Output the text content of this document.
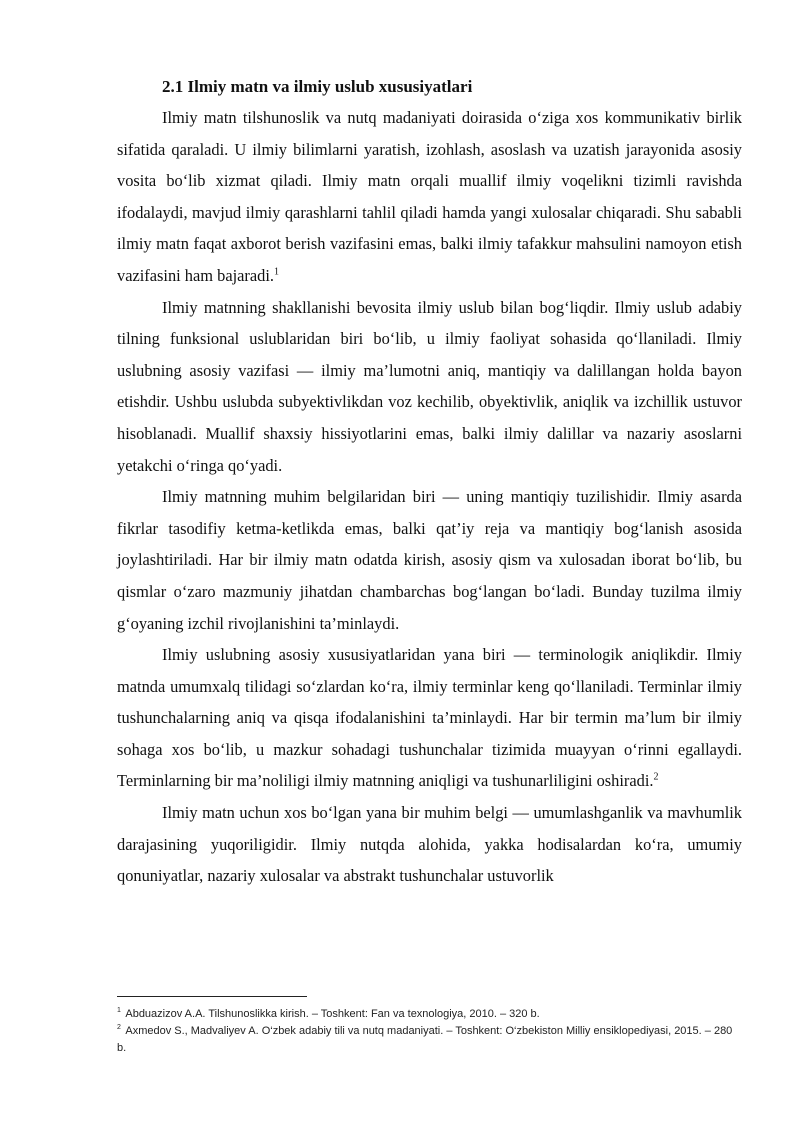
2.1 Ilmiy matn va ilmiy uslub xususiyatlari

Ilmiy matn tilshunoslik va nutq madaniyati doirasida o‘ziga xos kommunikativ birlik sifatida qaraladi. U ilmiy bilimlarni yaratish, izohlash, asoslash va uzatish jarayonida asosiy vosita bo‘lib xizmat qiladi. Ilmiy matn orqali muallif ilmiy voqelikni tizimli ravishda ifodalaydi, mavjud ilmiy qarashlarni tahlil qiladi hamda yangi xulosalar chiqaradi. Shu sababli ilmiy matn faqat axborot berish vazifasini emas, balki ilmiy tafakkur mahsulini namoyon etish vazifasini ham bajaradi.$^1$

Ilmiy matnning shakllanishi bevosita ilmiy uslub bilan bog‘liqdir. Ilmiy uslub adabiy tilning funksional uslublaridan biri bo‘lib, u ilmiy faoliyat sohasida qo‘llaniladi. Ilmiy uslubning asosiy vazifasi — ilmiy ma’lumotni aniq, mantiqiy va dalillangan holda bayon etishdir. Ushbu uslubda subyektivlikdan voz kechilib, obyektivlik, aniqlik va izchillik ustuvor hisoblanadi. Muallif shaxsiy hissiyotlarini emas, balki ilmiy dalillar va nazariy asoslarni yetakchi o‘ringa qo‘yadi.

Ilmiy matnning muhim belgilaridan biri — uning mantiqiy tuzilishidir. Ilmiy asarda fikrlar tasodifiy ketma-ketlikda emas, balki qat’iy reja va mantiqiy bog‘lanish asosida joylashtiriladi. Har bir ilmiy matn odatda kirish, asosiy qism va xulosadan iborat bo‘lib, bu qismlar o‘zaro mazmuniy jihatdan chambarchas bog‘langan bo‘ladi. Bunday tuzilma ilmiy g‘oyaning izchil rivojlanishini ta’minlaydi.

Ilmiy uslubning asosiy xususiyatlaridan yana biri — terminologik aniqlikdir. Ilmiy matnda umumxalq tilidagi so‘zlardan ko‘ra, ilmiy terminlar keng qo‘llaniladi. Terminlar ilmiy tushunchalarning aniq va qisqa ifodalanishini ta’minlaydi. Har bir termin ma’lum bir ilmiy sohaga xos bo‘lib, u mazkur sohadagi tushunchalar tizimida muayyan o‘rinni egallaydi. Terminlarning bir ma’noliligi ilmiy matnning aniqligi va tushunarliligini oshiradi.$^2$

Ilmiy matn uchun xos bo‘lgan yana bir muhim belgi — umumlashganlik va mavhumlik darajasining yuqoriligidir. Ilmiy nutqda alohida, yakka hodisalardan ko‘ra, umumiy qonuniyatlar, nazariy xulosalar va abstrakt tushunchalar ustuvorlik

$^1$ Abduazizov A.A. Tilshunoslikka kirish. – Toshkent: Fan va texnologiya, 2010. – 320 b.

$^2$ Axmedov S., Madvaliyev A. O‘zbek adabiy tili va nutq madaniyati. – Toshkent: O‘zbekiston Milliy ensiklopediyasi, 2015. – 280 b.
